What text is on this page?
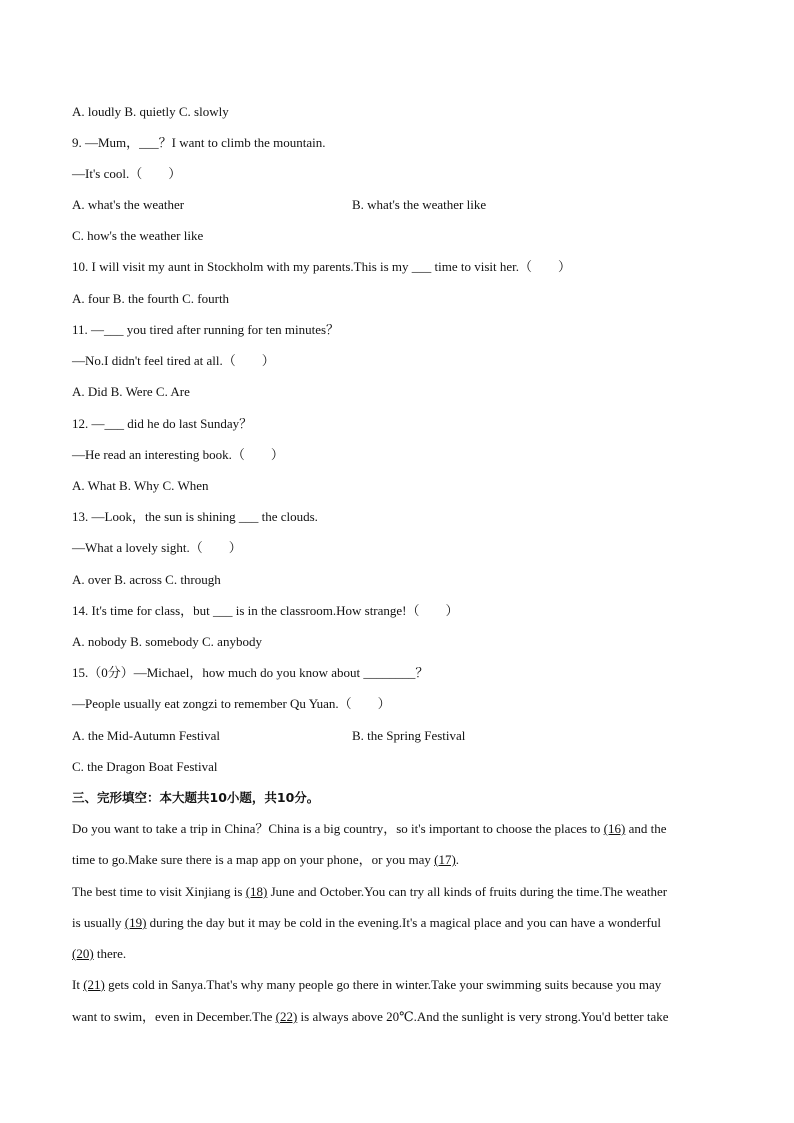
A. loudly B. quietly C. slowly
9. —Mum，___？I want to climb the mountain.
—It's cool.（　　）
A. what's the weather	B. what's the weather like
C. how's the weather like
10. I will visit my aunt in Stockholm with my parents.This is my ___ time to visit her.（　　）
A. four B. the fourth C. fourth
11. —___ you tired after running for ten minutes？
—No.I didn't feel tired at all.（　　）
A. Did B. Were C. Are
12. —___ did he do last Sunday？
—He read an interesting book.（　　）
A. What B. Why C. When
13. —Look，the sun is shining ___ the clouds.
—What a lovely sight.（　　）
A. over B. across C. through
14. It's time for class，but ___ is in the classroom.How strange!（　　）
A. nobody B. somebody C. anybody
15.（0分）—Michael，how much do you know about ________？
—People usually eat zongzi to remember Qu Yuan.（　　）
A. the Mid-Autumn Festival	B. the Spring Festival
C. the Dragon Boat Festival
三、完形填空：本大题共10小题，共10分。
Do you want to take a trip in China？China is a big country，so it's important to choose the places to (16) and the
time to go.Make sure there is a map app on your phone，or you may (17).
The best time to visit Xinjiang is (18) June and October.You can try all kinds of fruits during the time.The weather
is usually (19) during the day but it may be cold in the evening.It's a magical place and you can have a wonderful
(20) there.
It (21) gets cold in Sanya.That's why many people go there in winter.Take your swimming suits because you may
want to swim，even in December.The (22) is always above 20℃.And the sunlight is very strong.You'd better take
